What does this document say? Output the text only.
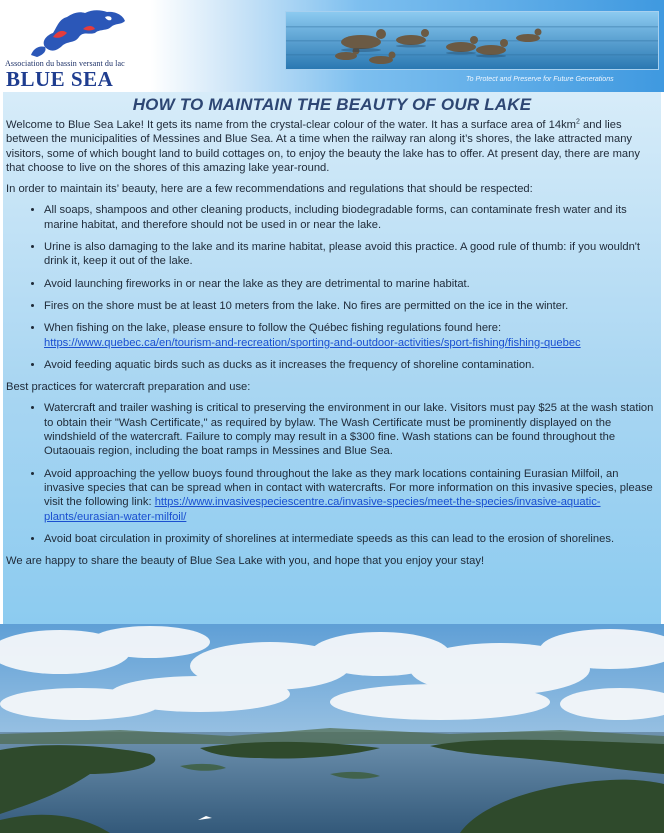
Association du bassin versant du lac
BLUE SEA	To Protect and Preserve for Future Generations
HOW TO MAINTAIN THE BEAUTY OF OUR LAKE

Welcome to Blue Sea Lake! It gets its name from the crystal-clear colour of the water. It has a surface area of $14km^2$ and lies between the municipalities of Messines and Blue Sea. At a time when the railway ran along it’s shores, the lake attracted many visitors, some of which bought land to build cottages on, to enjoy the beauty the lake has to offer. At present day, there are many that choose to live on the shores of this amazing lake year-round.

In order to maintain its’ beauty, here are a few recommendations and regulations that should be respected:

• All soaps, shampoos and other cleaning products, including biodegradable forms, can contaminate fresh water and its marine habitat, and therefore should not be used in or near the lake.
• Urine is also damaging to the lake and its marine habitat, please avoid this practice. A good rule of thumb: if you wouldn't drink it, keep it out of the lake.
• Avoid launching fireworks in or near the lake as they are detrimental to marine habitat.
• Fires on the shore must be at least 10 meters from the lake. No fires are permitted on the ice in the winter.
• When fishing on the lake, please ensure to follow the Québec fishing regulations found here: https://www.quebec.ca/en/tourism-and-recreation/sporting-and-outdoor-activities/sport-fishing/fishing-quebec
• Avoid feeding aquatic birds such as ducks as it increases the frequency of shoreline contamination.

Best practices for watercraft preparation and use:

• Watercraft and trailer washing is critical to preserving the environment in our lake. Visitors must pay $25 at the wash station to obtain their "Wash Certificate," as required by bylaw. The Wash Certificate must be prominently displayed on the windshield of the watercraft. Failure to comply may result in a $300 fine. Wash stations can be found throughout the Outaouais region, including the boat ramps in Messines and Blue Sea.
• Avoid approaching the yellow buoys found throughout the lake as they mark locations containing Eurasian Milfoil, an invasive species that can be spread when in contact with watercrafts. For more information on this invasive species, please visit the following link: https://www.invasivespeciescentre.ca/invasive-species/meet-the-species/invasive-aquatic-plants/eurasian-water-milfoil/
• Avoid boat circulation in proximity of shorelines at intermediate speeds as this can lead to the erosion of shorelines.

We are happy to share the beauty of Blue Sea Lake with you, and hope that you enjoy your stay!
